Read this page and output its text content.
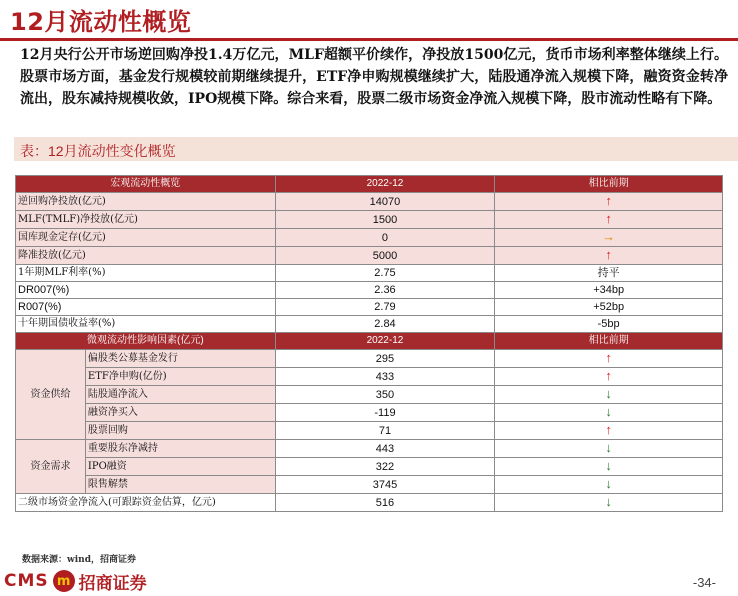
12月流动性概览
12月央行公开市场逆回购净投1.4万亿元，MLF超额平价续作，净投放1500亿元，货币市场利率整体继续上行。股票市场方面，基金发行规模较前期继续提升，ETF净申购规模继续扩大，陆股通净流入规模下降，融资资金转净流出，股东减持规模收敛，IPO规模下降。综合来看，股票二级市场资金净流入规模下降，股市流动性略有下降。
表：12月流动性变化概览
宏观流动性概览		2022-12	相比前期
逆回购净投放(亿元)		14070	↑
MLF(TMLF)净投放(亿元)		1500	↑
国库现金定存(亿元)		0	→
降准投放(亿元)		5000	↑
1年期MLF利率(%)		2.75	持平
DR007(%)		2.36	+34bp
R007(%)		2.79	+52bp
十年期国债收益率(%)		2.84	-5bp
微观流动性影响因素(亿元)		2022-12	相比前期
资金供给	偏股类公募基金发行	295	↑
	ETF净申购(亿份)	433	↑
	陆股通净流入	350	↓
	融资净买入	-119	↓
	股票回购	71	↑
资金需求	重要股东净减持	443	↓
	IPO融资	322	↓
	限售解禁	3745	↓
二级市场资金净流入(可跟踪资金估算，亿元)		516	↓
数据来源：wind，招商证券
CMS m 招商证券	-34-
